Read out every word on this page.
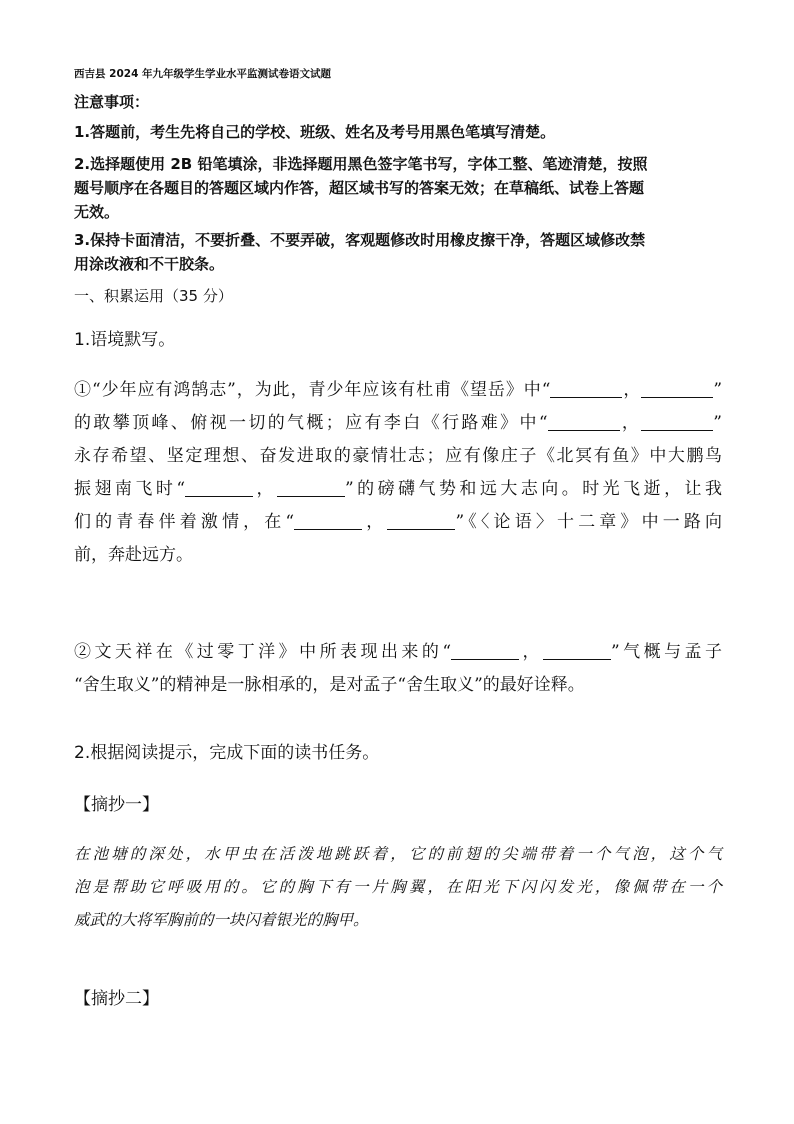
西吉县 2024 年九年级学生学业水平监测试卷语文试题
注意事项：
1.答题前，考生先将自己的学校、班级、姓名及考号用黑色笔填写清楚。
2.选择题使用 2B 铅笔填涂，非选择题用黑色签字笔书写，字体工整、笔迹清楚，按照
题号顺序在各题目的答题区域内作答，超区域书写的答案无效；在草稿纸、试卷上答题
无效。
3.保持卡面清洁，不要折叠、不要弄破，客观题修改时用橡皮擦干净，答题区域修改禁
用涂改液和不干胶条。
一、积累运用（35 分）
1.语境默写。
①“少年应有鸿鹄志”，为此，青少年应该有杜甫《望岳》中“	，	”
的敢攀顶峰、俯视一切的气概；应有李白《行路难》中“	，	”
永存希望、坚定理想、奋发进取的豪情壮志；应有像庄子《北冥有鱼》中大鹏鸟
振翅南飞时“	，	”的磅礴气势和远大志向。时光飞逝，让我
们的青春伴着激情，在“	，	”《〈论语〉十二章》中一路向
前，奔赴远方。
②文天祥在《过零丁洋》中所表现出来的“	，	”气概与孟子
“舍生取义”的精神是一脉相承的，是对孟子“舍生取义”的最好诠释。
2.根据阅读提示，完成下面的读书任务。
【摘抄一】
在池塘的深处，水甲虫在活泼地跳跃着，它的前翅的尖端带着一个气泡，这个气
泡是帮助它呼吸用的。它的胸下有一片胸翼，在阳光下闪闪发光，像佩带在一个
威武的大将军胸前的一块闪着银光的胸甲。
【摘抄二】
